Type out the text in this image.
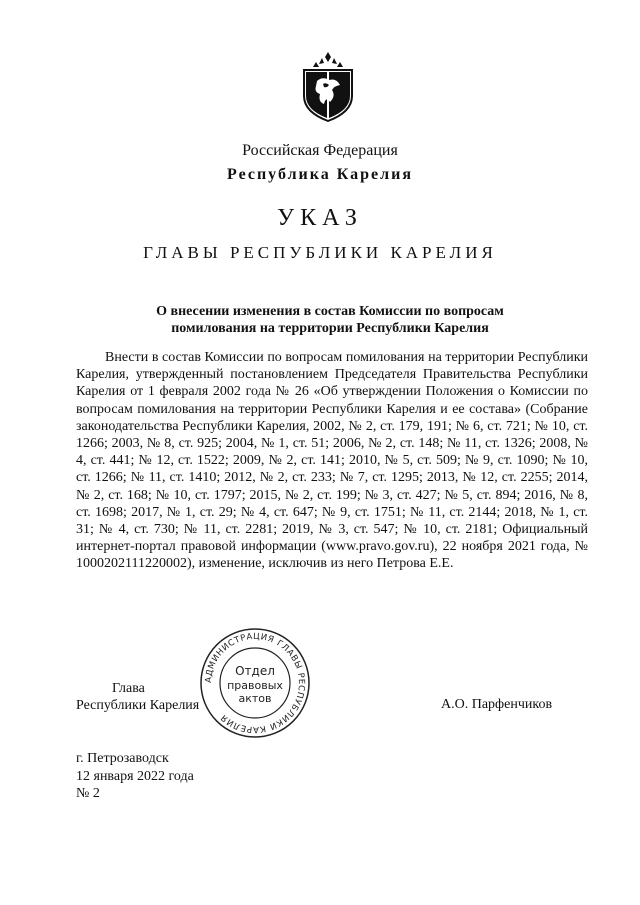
Российская Федерация
Республика Карелия
УКАЗ
ГЛАВЫ РЕСПУБЛИКИ КАРЕЛИЯ
О внесении изменения в состав Комиссии по вопросам
помилования на территории Республики Карелия
Внести в состав Комиссии по вопросам помилования на территории Республики Карелия, утвержденный постановлением Председателя Правительства Республики Карелия от 1 февраля 2002 года № 26 «Об утверждении Положения о Комиссии по вопросам помилования на территории Республики Карелия и ее состава» (Собрание законодательства Республики Карелия, 2002, № 2, ст. 179, 191; № 6, ст. 721; № 10, ст. 1266; 2003, № 8, ст. 925; 2004, № 1, ст. 51; 2006, № 2, ст. 148; № 11, ст. 1326; 2008, № 4, ст. 441; № 12, ст. 1522; 2009, № 2, ст. 141; 2010, № 5, ст. 509; № 9, ст. 1090; № 10, ст. 1266; № 11, ст. 1410; 2012, № 2, ст. 233; № 7, ст. 1295; 2013, № 12, ст. 2255; 2014, № 2, ст. 168; № 10, ст. 1797; 2015, № 2, ст. 199; № 3, ст. 427; № 5, ст. 894; 2016, № 8, ст. 1698; 2017, № 1, ст. 29; № 4, ст. 647; № 9, ст. 1751; № 11, ст. 2144; 2018, № 1, ст. 31; № 4, ст. 730; № 11, ст. 2281; 2019, № 3, ст. 547; № 10, ст. 2181; Официальный интернет-портал правовой информации (www.pravo.gov.ru), 22 ноября 2021 года, № 1000202111220002), изменение, исключив из него Петрова Е.Е.
Глава
Республики Карелия	А.О. Парфенчиков
АДМИНИСТРАЦИЯ ГЛАВЫ РЕСПУБЛИКИ КАРЕЛИЯ
Отдел
правовых
актов
г. Петрозаводск
12 января 2022 года
№ 2
